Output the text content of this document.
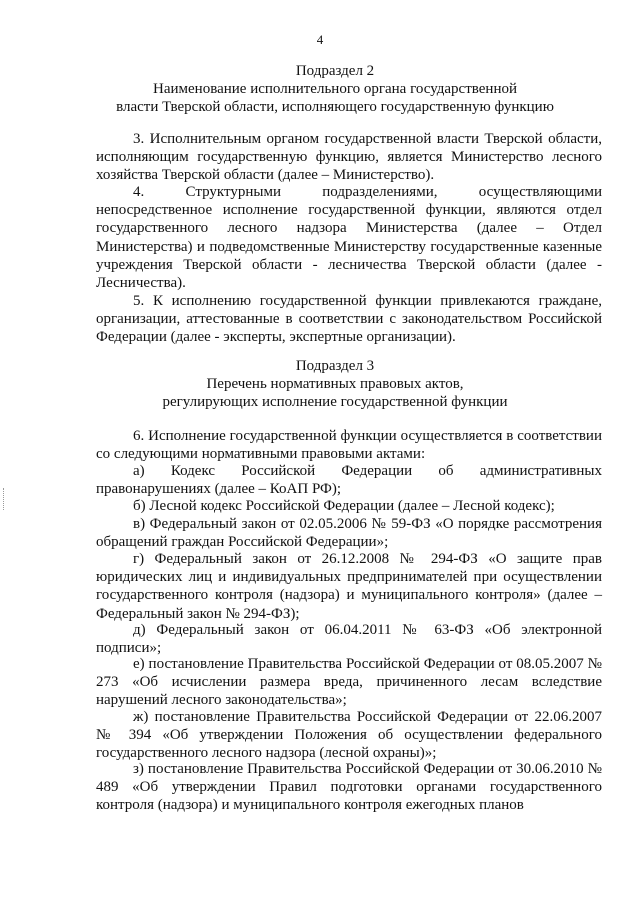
4
Подраздел 2
Наименование исполнительного органа государственной
власти Тверской области, исполняющего государственную функцию

3. Исполнительным органом государственной власти Тверской области, исполняющим государственную функцию, является Министерство лесного хозяйства Тверской области (далее – Министерство).

4. Структурными подразделениями, осуществляющими непосредственное исполнение государственной функции, являются отдел государственного лесного надзора Министерства (далее – Отдел Министерства) и подведомственные Министерству государственные казенные учреждения Тверской области - лесничества Тверской области (далее - Лесничества).

5. К исполнению государственной функции привлекаются граждане, организации, аттестованные в соответствии с законодательством Российской Федерации (далее - эксперты, экспертные организации).

Подраздел 3
Перечень нормативных правовых актов,
регулирующих исполнение государственной функции

6. Исполнение государственной функции осуществляется в соответствии со следующими нормативными правовыми актами:

а) Кодекс Российской Федерации об административных правонарушениях (далее – КоАП РФ);

б) Лесной кодекс Российской Федерации (далее – Лесной кодекс);

в) Федеральный закон от 02.05.2006 № 59-ФЗ «О порядке рассмотрения обращений граждан Российской Федерации»;

г) Федеральный закон от 26.12.2008 № 294-ФЗ «О защите прав юридических лиц и индивидуальных предпринимателей при осуществлении государственного контроля (надзора) и муниципального контроля» (далее – Федеральный закон № 294-ФЗ);

д) Федеральный закон от 06.04.2011 № 63-ФЗ «Об электронной подписи»;

е) постановление Правительства Российской Федерации от 08.05.2007 № 273 «Об исчислении размера вреда, причиненного лесам вследствие нарушений лесного законодательства»;

ж) постановление Правительства Российской Федерации от 22.06.2007 № 394 «Об утверждении Положения об осуществлении федерального государственного лесного надзора (лесной охраны)»;

з) постановление Правительства Российской Федерации от 30.06.2010 № 489 «Об утверждении Правил подготовки органами государственного контроля (надзора) и муниципального контроля ежегодных планов
